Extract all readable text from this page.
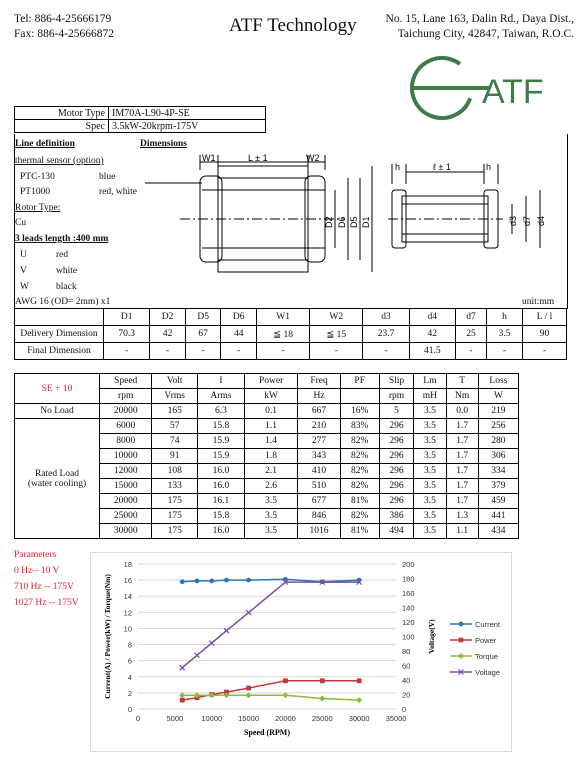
Tel: 886-4-25666179
Fax: 886-4-25666872	ATF Technology	No. 15, Lane 163, Dalin Rd., Daya Dist.,
Taichung City, 42847, Taiwan, R.O.C.
ATF
Motor Type	IM70A-L90-4P-SE
Spec	3.5kW-20krpm-175V
Line definition	Dimensions
thermal sensor (option)
PTC-130	blue
PT1000	red, white
Rotor Type:
Cu
3 leads length :400 mm
U	red
V	white
W	black
AWG 16 (OD= 2mm) x1	unit:mm
W1	L ± 1	W2
D2 D6 D5 D1
h	ℓ ± 1	h
d3 d7 d4
	D1	D2	D5	D6	W1	W2	d3	d4	d7	h	L / l
Delivery Dimension	70.3	42	67	44	≦ 18	≦ 15	23.7	42	25	3.5	90
Final Dimension	-	-	-	-	-	-	-	41.5	-	-	-
SE + 10	Speed	Volt	I	Power	Freq	PF	Slip	Lm	T	Loss
	rpm	Vrms	Arms	kW	Hz		rpm	mH	Nm	W
No Load	20000	165	6.3	0.1	667	16%	5	3.5	0.0	219
Rated Load
(water cooling)	6000	57	15.8	1.1	210	83%	296	3.5	1.7	256
	8000	74	15.9	1.4	277	82%	296	3.5	1.7	280
	10000	91	15.9	1.8	343	82%	296	3.5	1.7	306
	12000	108	16.0	2.1	410	82%	296	3.5	1.7	334
	15000	133	16.0	2.6	510	82%	296	3.5	1.7	379
	20000	175	16.1	3.5	677	81%	296	3.5	1.7	459
	25000	175	15.8	3.5	846	82%	386	3.5	1.3	441
	30000	175	16.0	3.5	1016	81%	494	3.5	1.1	434
Parameters
0 Hz-- 10 V
710 Hz -- 175V
1027 Hz -- 175V
0
2
4
6
8
10
12
14
16
18
0
20
40
60
80
100
120
140
160
180
200
0	5000 10000 15000 20000 25000 30000 35000
Speed (RPM)
Current(A) / Power(kW) / Torque(Nm)	Voltage(V)	Current
Power
Torque
Voltage
